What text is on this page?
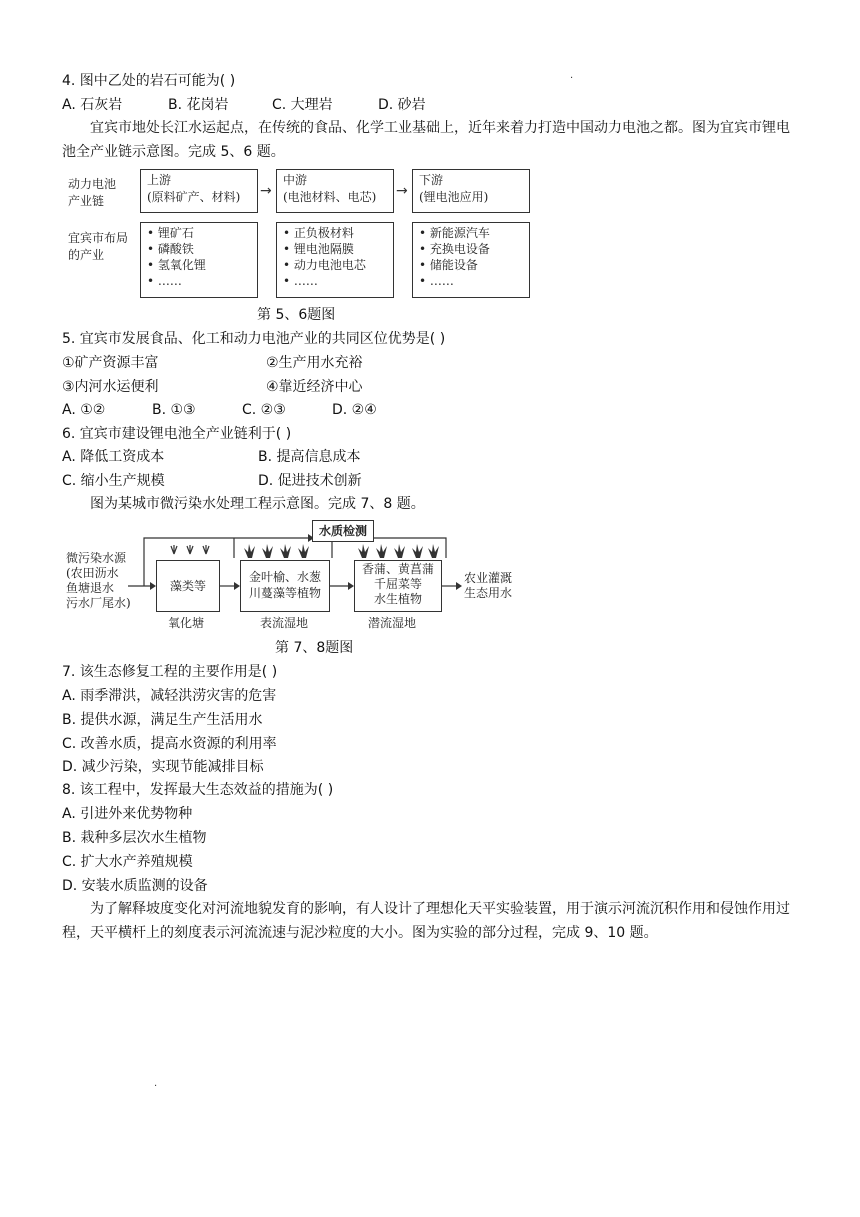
.
.
4. 图中乙处的岩石可能为( )
A. 石灰岩	B. 花岗岩	C. 大理岩	D. 砂岩
宜宾市地处长江水运起点，在传统的食品、化学工业基础上，近年来着力打造中国动力电池之都。图为宜宾市锂电池全产业链示意图。完成 5、6 题。
动力电池
产业链
宜宾市布局
的产业
上游
(原料矿产、材料)	→
中游
(电池材料、电芯)	→
下游
(锂电池应用)
• 锂矿石
• 磷酸铁
• 氢氧化锂
• ……
• 正负极材料
• 锂电池隔膜
• 动力电池电芯
• ……
• 新能源汽车
• 充换电设备
• 储能设备
• ……
第 5、6题图
5. 宜宾市发展食品、化工和动力电池产业的共同区位优势是( )
①矿产资源丰富	②生产用水充裕
③内河水运便利	④靠近经济中心
A. ①②	B. ①③	C. ②③	D. ②④
6. 宜宾市建设锂电池全产业链利于( )
A. 降低工资成本	B. 提高信息成本
C. 缩小生产规模	D. 促进技术创新
图为某城市微污染水处理工程示意图。完成 7、8 题。
微污染水源
(农田沥水
鱼塘退水
污水厂尾水)
藻类等
氧化塘
金叶榆、水葱
川蔓藻等植物
表流湿地
水质检测
香蒲、黄菖蒲
千屈菜等
水生植物
潜流湿地
农业灌溉
生态用水
第 7、8题图
7. 该生态修复工程的主要作用是( )
A. 雨季滞洪，减轻洪涝灾害的危害
B. 提供水源，满足生产生活用水
C. 改善水质，提高水资源的利用率
D. 减少污染，实现节能减排目标
8. 该工程中，发挥最大生态效益的措施为( )
A. 引进外来优势物种
B. 栽种多层次水生植物
C. 扩大水产养殖规模
D. 安装水质监测的设备
为了解释坡度变化对河流地貌发育的影响，有人设计了理想化天平实验装置，用于演示河流沉积作用和侵蚀作用过程，天平横杆上的刻度表示河流流速与泥沙粒度的大小。图为实验的部分过程，完成 9、10 题。
